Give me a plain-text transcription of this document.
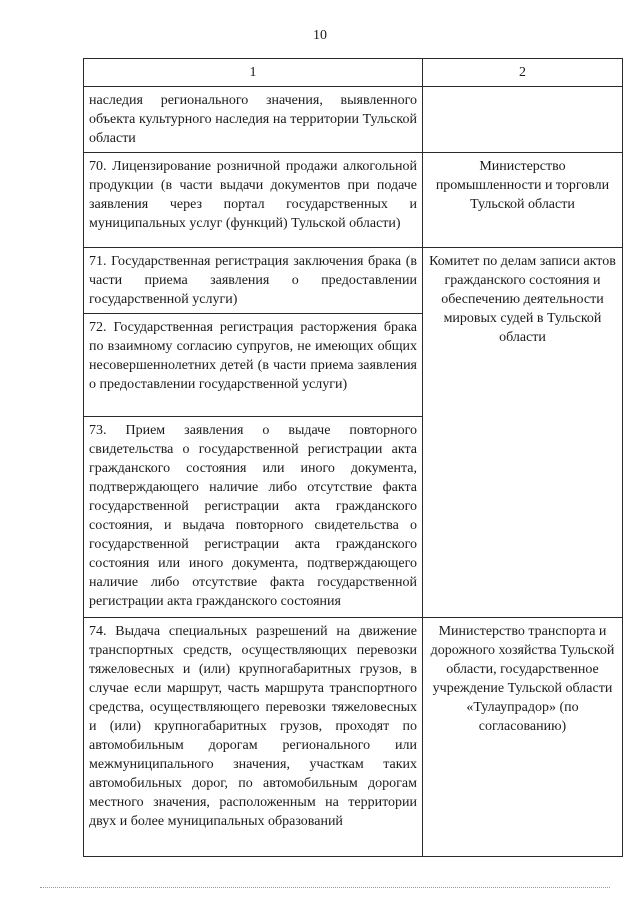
10
1	2
наследия регионального значения, выявленного объекта культурного наследия на территории Тульской области	
70. Лицензирование розничной продажи алкогольной продукции (в части выдачи документов при подаче заявления через портал государственных и муниципальных услуг (функций) Тульской области)	Министерство промышленности и торговли Тульской области
71. Государственная регистрация заключения брака (в части приема заявления о предоставлении государственной услуги)	Комитет по делам записи актов гражданского состояния и обеспечению деятельности мировых судей в Тульской области
72. Государственная регистрация расторжения брака по взаимному согласию супругов, не имеющих общих несовершеннолетних детей (в части приема заявления о предоставлении государственной услуги)	
73. Прием заявления о выдаче повторного свидетельства о государственной регистрации акта гражданского состояния или иного документа, подтверждающего наличие либо отсутствие факта государственной регистрации акта гражданского состояния, и выдача повторного свидетельства о государственной регистрации акта гражданского состояния или иного документа, подтверждающего наличие либо отсутствие факта государственной регистрации акта гражданского состояния	
74. Выдача специальных разрешений на движение транспортных средств, осуществляющих перевозки тяжеловесных и (или) крупногабаритных грузов, в случае если маршрут, часть маршрута транспортного средства, осуществляющего перевозки тяжеловесных и (или) крупногабаритных грузов, проходят по автомобильным дорогам регионального или межмуниципального значения, участкам таких автомобильных дорог, по автомобильным дорогам местного значения, расположенным на территории двух и более муниципальных образований	Министерство транспорта и дорожного хозяйства Тульской области, государственное учреждение Тульской области «Тулаупрадор» (по согласованию)
